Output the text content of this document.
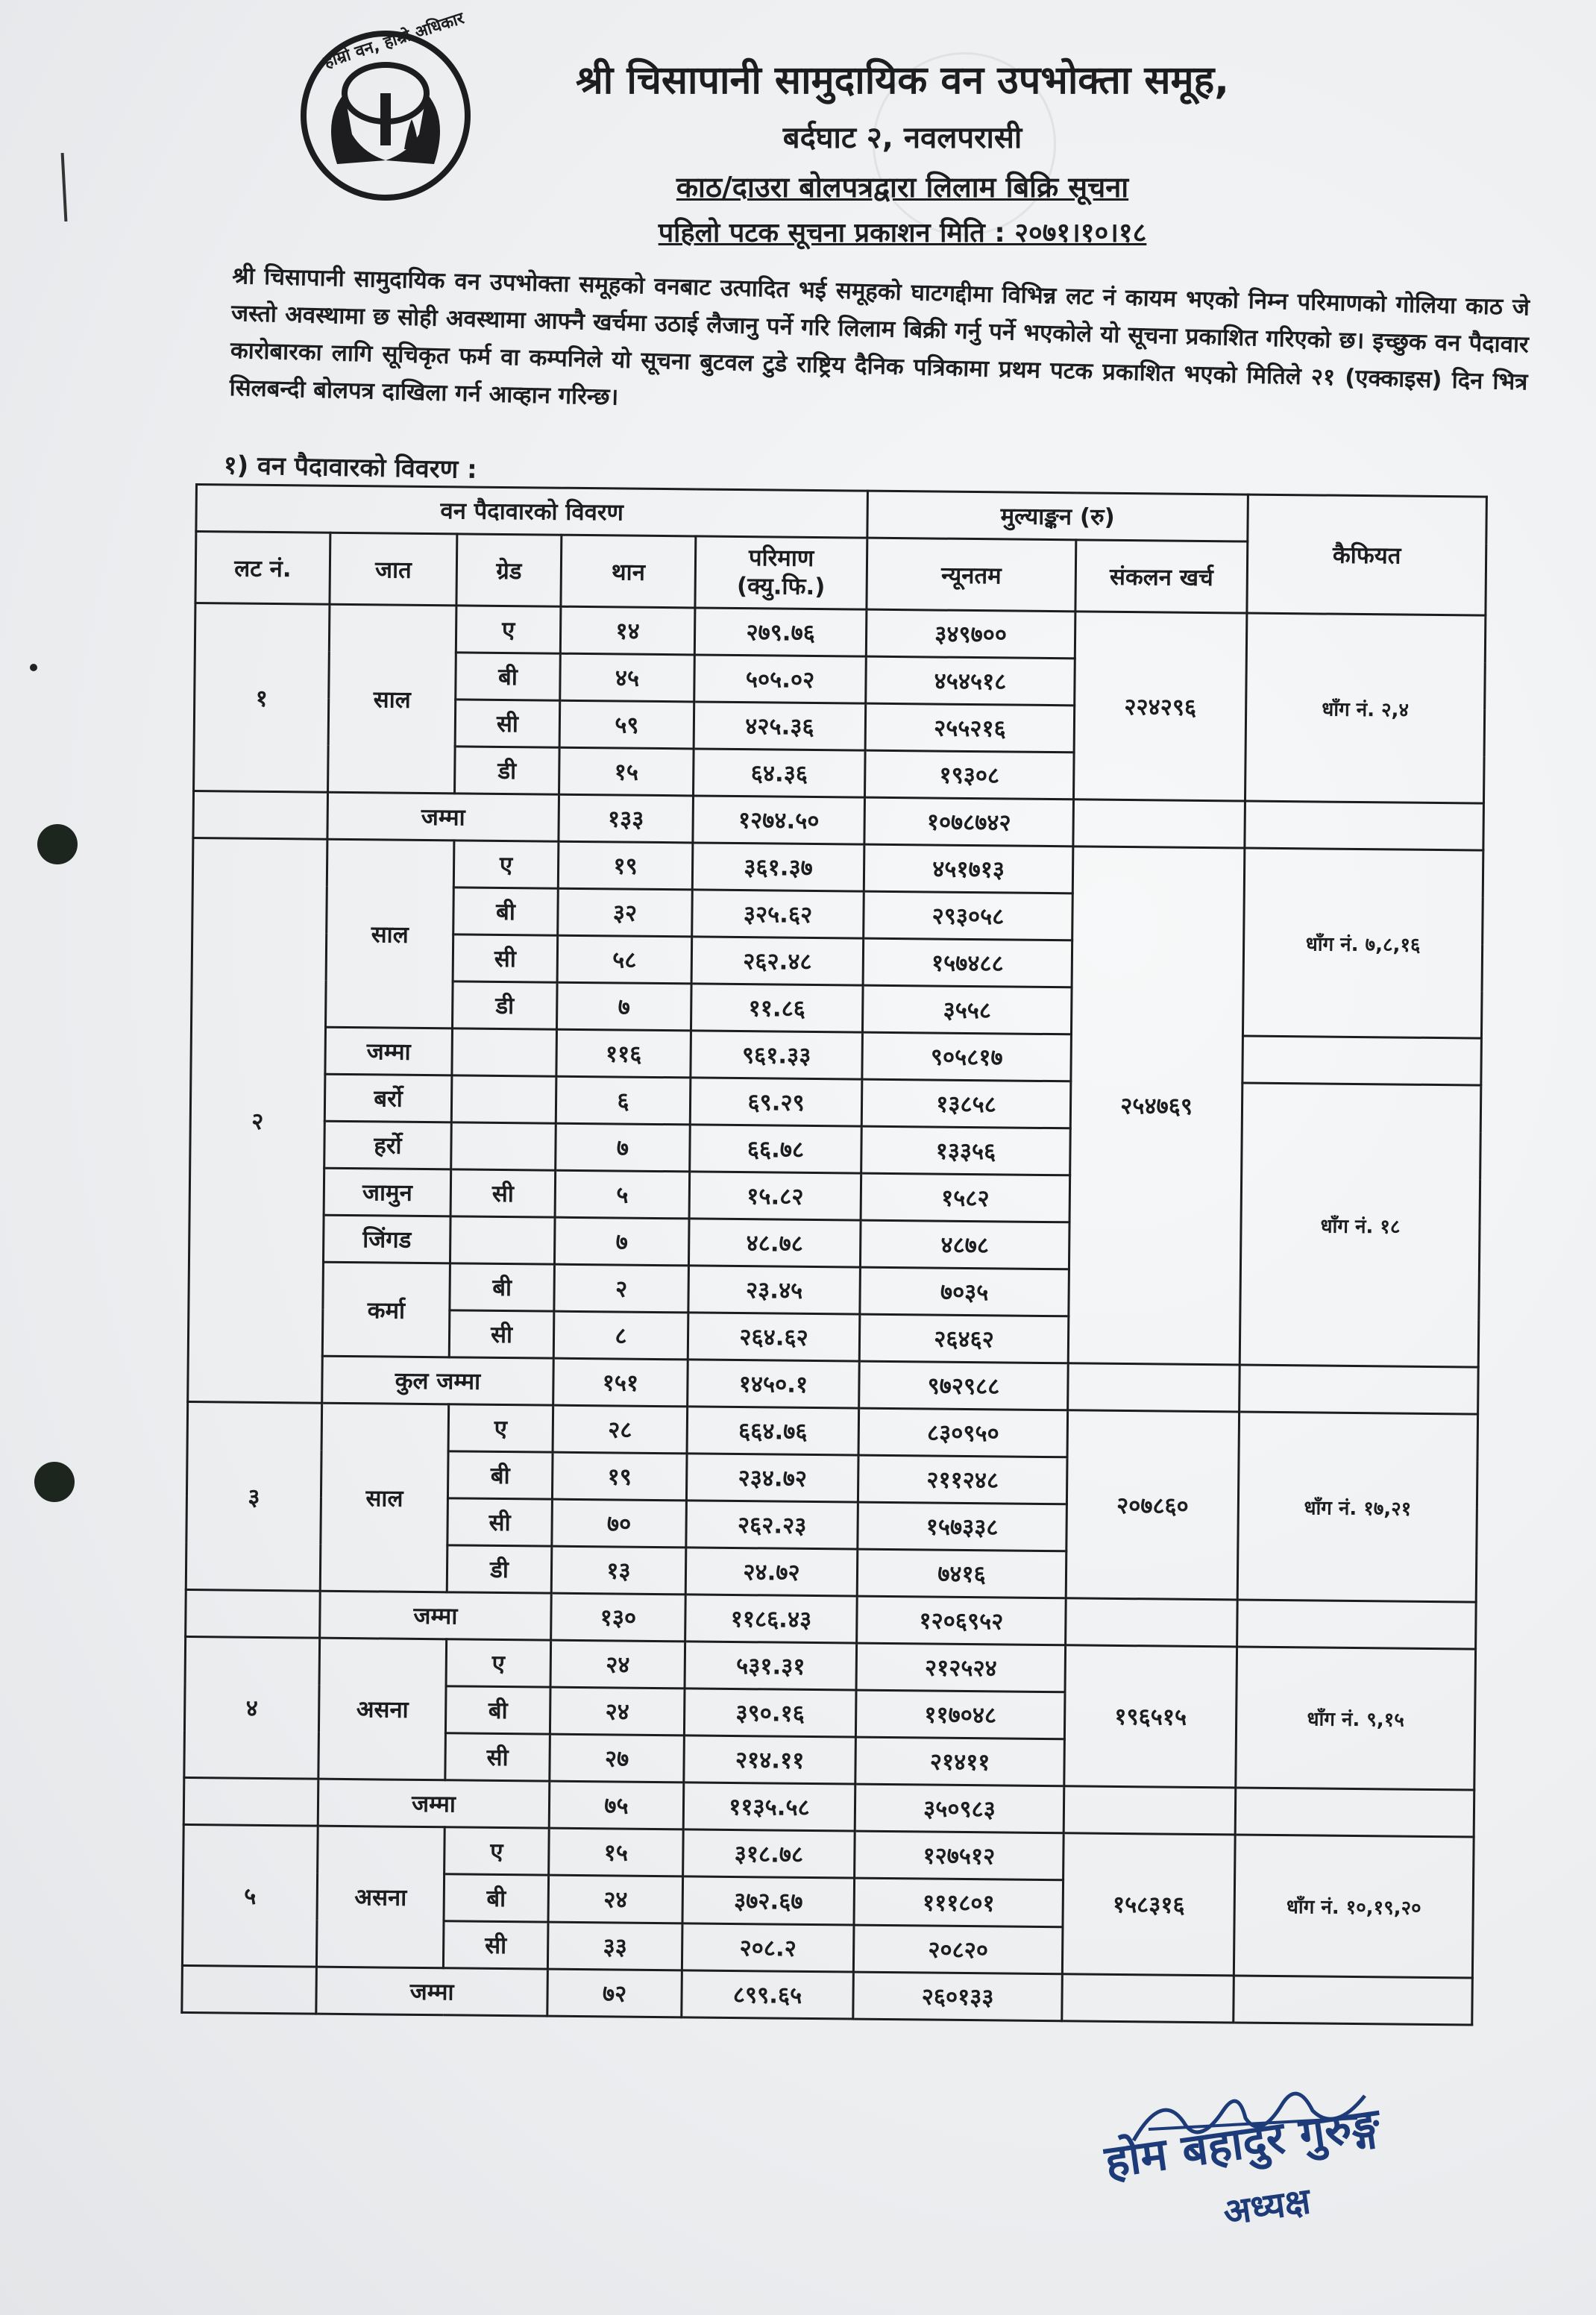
हाम्रो वन, हाम्रो अधिकार
श्री चिसापानी सामुदायिक वन उपभोक्ता समूह,
बर्दघाट २, नवलपरासी
काठ/दाउरा बोलपत्रद्वारा लिलाम बिक्रि सूचना
पहिलो पटक सूचना प्रकाशन मिति : २०७१।१०।१८
श्री चिसापानी सामुदायिक वन उपभोक्ता समूहको वनबाट उत्पादित भई समूहको घाटगद्दीमा विभिन्न लट नं कायम भएको निम्न परिमाणको गोलिया काठ जे जस्तो अवस्थामा छ सोही अवस्थामा आफ्नै खर्चमा उठाई लैजानु पर्ने गरि लिलाम बिक्री गर्नु पर्ने भएकोले यो सूचना प्रकाशित गरिएको छ। इच्छुक वन पैदावार कारोबारका लागि सूचिकृत फर्म वा कम्पनिले यो सूचना बुटवल टुडे राष्ट्रिय दैनिक पत्रिकामा प्रथम पटक प्रकाशित भएको मितिले २१ (एक्काइस) दिन भित्र सिलबन्दी बोलपत्र दाखिला गर्न आव्हान गरिन्छ।
१) वन पैदावारको विवरण :
वन पैदावारको विवरण					मुल्याङ्कन (रु)		कैफियत
लट नं.	जात	ग्रेड	थान	परिमाण (क्यु.फि.)	न्यूनतम	संकलन खर्च	
१	साल	ए	१४	२७९.७६	३४९७००	२२४२९६	धाँग नं. २,४
		बी	४५	५०५.०२	४५४५१८		
		सी	५९	४२५.३६	२५५२१६		
		डी	१५	६४.३६	१९३०८		
	जम्मा		१३३	१२७४.५०	१०७८७४२		
२	साल	ए	१९	३६१.३७	४५१७१३	२५४७६९	धाँग नं. ७,८,१६
		बी	३२	३२५.६२	२९३०५८		
		सी	५८	२६२.४८	१५७४८८		
		डी	७	११.८६	३५५८		
	जम्मा		११६	९६१.३३	९०५८१७		
	बर्रो		६	६९.२९	१३८५८		धाँग नं. १८
	हर्रो		७	६६.७८	१३३५६		
	जामुन	सी	५	१५.८२	१५८२		
	जिंगड		७	४८.७८	४८७८		
	कर्मा	बी	२	२३.४५	७०३५		
		सी	८	२६४.६२	२६४६२		
	कुल जम्मा		१५१	१४५०.१	९७२९८८		
३	साल	ए	२८	६६४.७६	८३०९५०	२०७८६०	धाँग नं. १७,२१
		बी	१९	२३४.७२	२११२४८		
		सी	७०	२६२.२३	१५७३३८		
		डी	१३	२४.७२	७४१६		
	जम्मा		१३०	११८६.४३	१२०६९५२		
४	असना	ए	२४	५३१.३१	२१२५२४	१९६५१५	धाँग नं. ९,१५
		बी	२४	३९०.१६	११७०४८		
		सी	२७	२१४.११	२१४११		
	जम्मा		७५	११३५.५८	३५०९८३		
५	असना	ए	१५	३१८.७८	१२७५१२	१५८३१६	धाँग नं. १०,१९,२०
		बी	२४	३७२.६७	१११८०१		
		सी	३३	२०८.२	२०८२०		
	जम्मा		७२	८९९.६५	२६०१३३		
होम बहादुर गुरुङ्ग
अध्यक्ष
